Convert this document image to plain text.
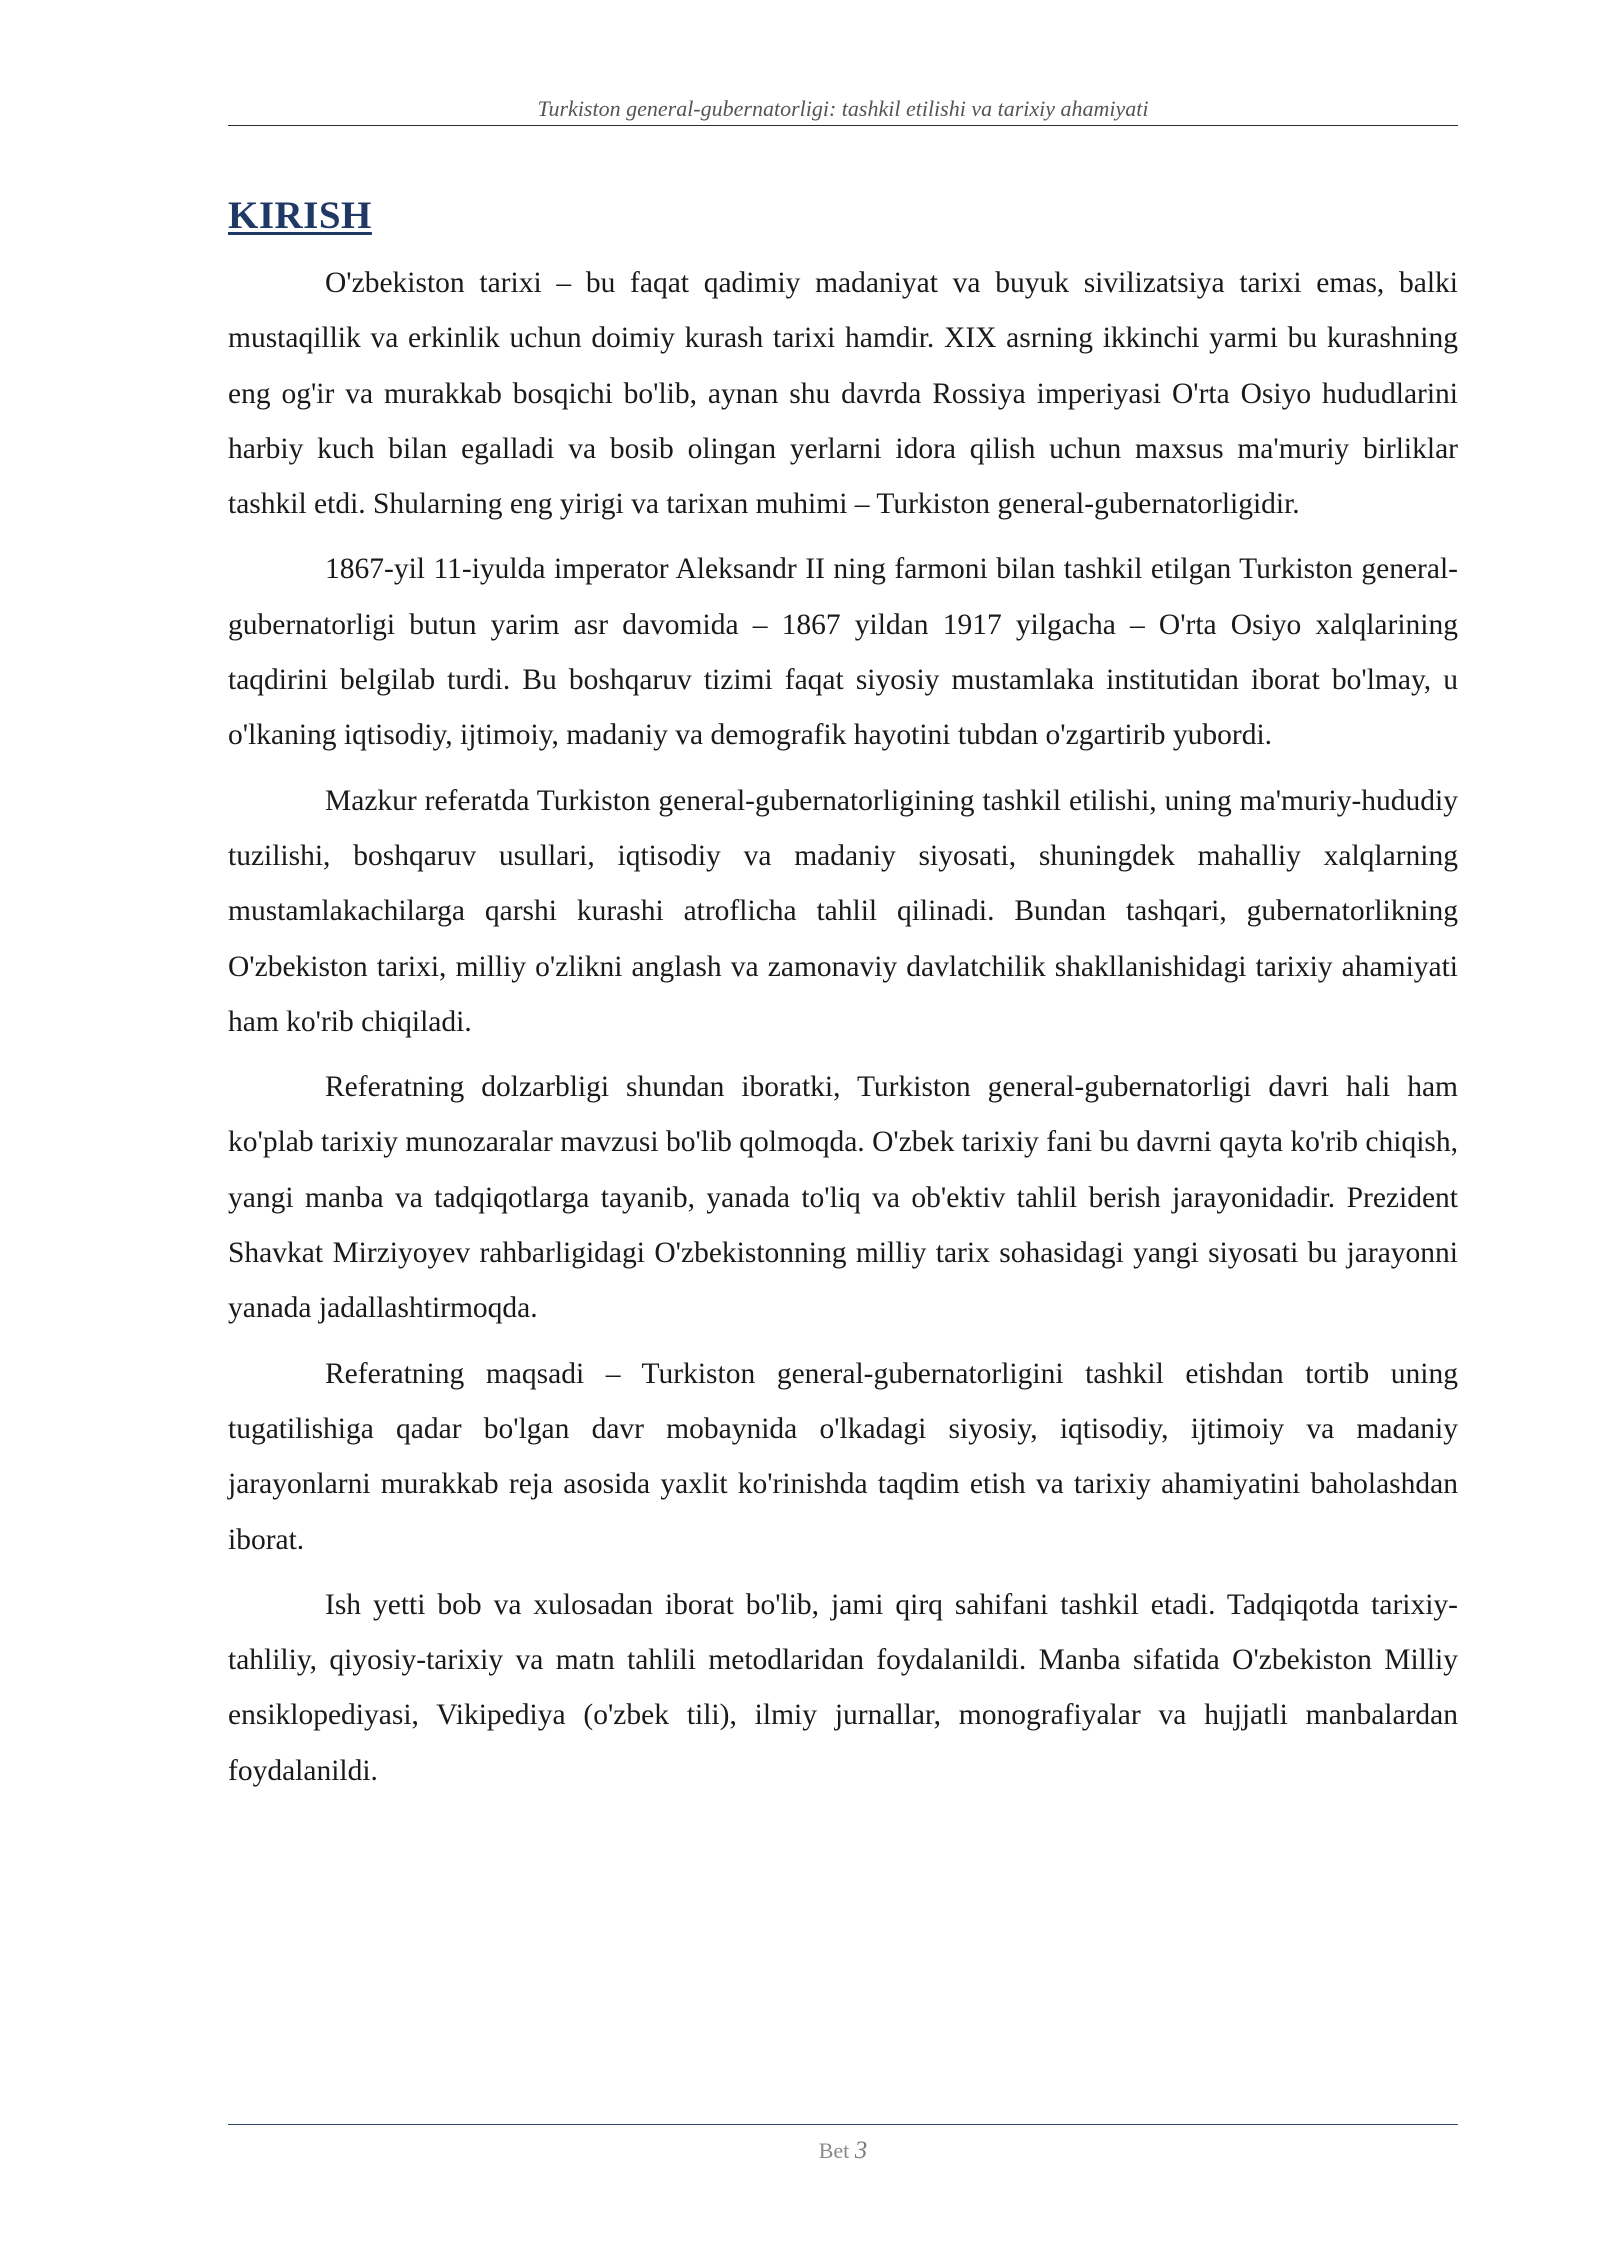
Turkiston general-gubernatorligi: tashkil etilishi va tarixiy ahamiyati
KIRISH

O'zbekiston tarixi – bu faqat qadimiy madaniyat va buyuk sivilizatsiya tarixi emas, balki mustaqillik va erkinlik uchun doimiy kurash tarixi hamdir. XIX asrning ikkinchi yarmi bu kurashning eng og'ir va murakkab bosqichi bo'lib, aynan shu davrda Rossiya imperiyasi O'rta Osiyo hududlarini harbiy kuch bilan egalladi va bosib olingan yerlarni idora qilish uchun maxsus ma'muriy birliklar tashkil etdi. Shularning eng yirigi va tarixan muhimi – Turkiston general-gubernatorligidir.

1867-yil 11-iyulda imperator Aleksandr II ning farmoni bilan tashkil etilgan Turkiston general-gubernatorligi butun yarim asr davomida – 1867 yildan 1917 yilgacha – O'rta Osiyo xalqlarining taqdirini belgilab turdi. Bu boshqaruv tizimi faqat siyosiy mustamlaka institutidan iborat bo'lmay, u o'lkaning iqtisodiy, ijtimoiy, madaniy va demografik hayotini tubdan o'zgartirib yubordi.

Mazkur referatda Turkiston general-gubernatorligining tashkil etilishi, uning ma'muriy-hududiy tuzilishi, boshqaruv usullari, iqtisodiy va madaniy siyosati, shuningdek mahalliy xalqlarning mustamlakachilarga qarshi kurashi atroflicha tahlil qilinadi. Bundan tashqari, gubernatorlikning O'zbekiston tarixi, milliy o'zlikni anglash va zamonaviy davlatchilik shakllanishidagi tarixiy ahamiyati ham ko'rib chiqiladi.

Referatning dolzarbligi shundan iboratki, Turkiston general-gubernatorligi davri hali ham ko'plab tarixiy munozaralar mavzusi bo'lib qolmoqda. O'zbek tarixiy fani bu davrni qayta ko'rib chiqish, yangi manba va tadqiqotlarga tayanib, yanada to'liq va ob'ektiv tahlil berish jarayonidadir. Prezident Shavkat Mirziyoyev rahbarligidagi O'zbekistonning milliy tarix sohasidagi yangi siyosati bu jarayonni yanada jadallashtirmoqda.

Referatning maqsadi – Turkiston general-gubernatorligini tashkil etishdan tortib uning tugatilishiga qadar bo'lgan davr mobaynida o'lkadagi siyosiy, iqtisodiy, ijtimoiy va madaniy jarayonlarni murakkab reja asosida yaxlit ko'rinishda taqdim etish va tarixiy ahamiyatini baholashdan iborat.

Ish yetti bob va xulosadan iborat bo'lib, jami qirq sahifani tashkil etadi. Tadqiqotda tarixiy-tahliliy, qiyosiy-tarixiy va matn tahlili metodlaridan foydalanildi. Manba sifatida O'zbekiston Milliy ensiklopediyasi, Vikipediya (o'zbek tili), ilmiy jurnallar, monografiyalar va hujjatli manbalardan foydalanildi.

Bet 3
